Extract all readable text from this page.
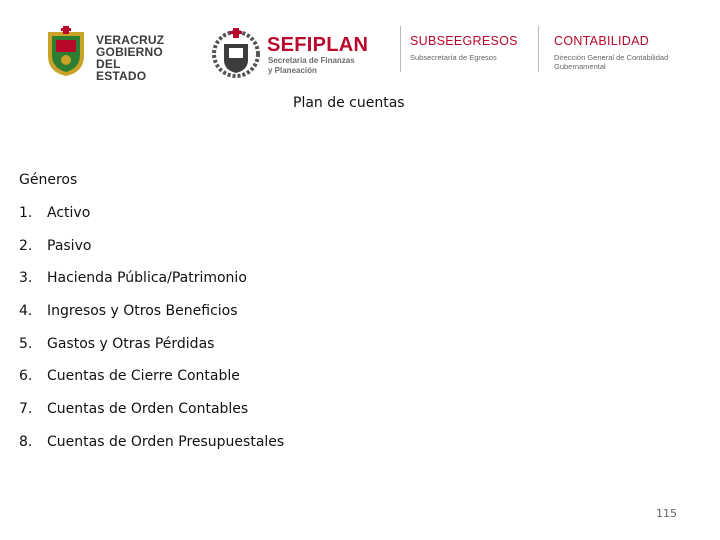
VERACRUZ
GOBIERNO
DEL ESTADO
SEFIPLAN
Secretaría de Finanzas
y Planeación
SUBSEEGRESOS
Subsecretaría de Egresos
CONTABILIDAD
Dirección General de Contabilidad
Gubernamental
Plan de cuentas
Géneros
1. Activo
2. Pasivo
3. Hacienda Pública/Patrimonio
4. Ingresos y Otros Beneficios
5. Gastos y Otras Pérdidas
6. Cuentas de Cierre Contable
7. Cuentas de Orden Contables
8. Cuentas de Orden Presupuestales
115
